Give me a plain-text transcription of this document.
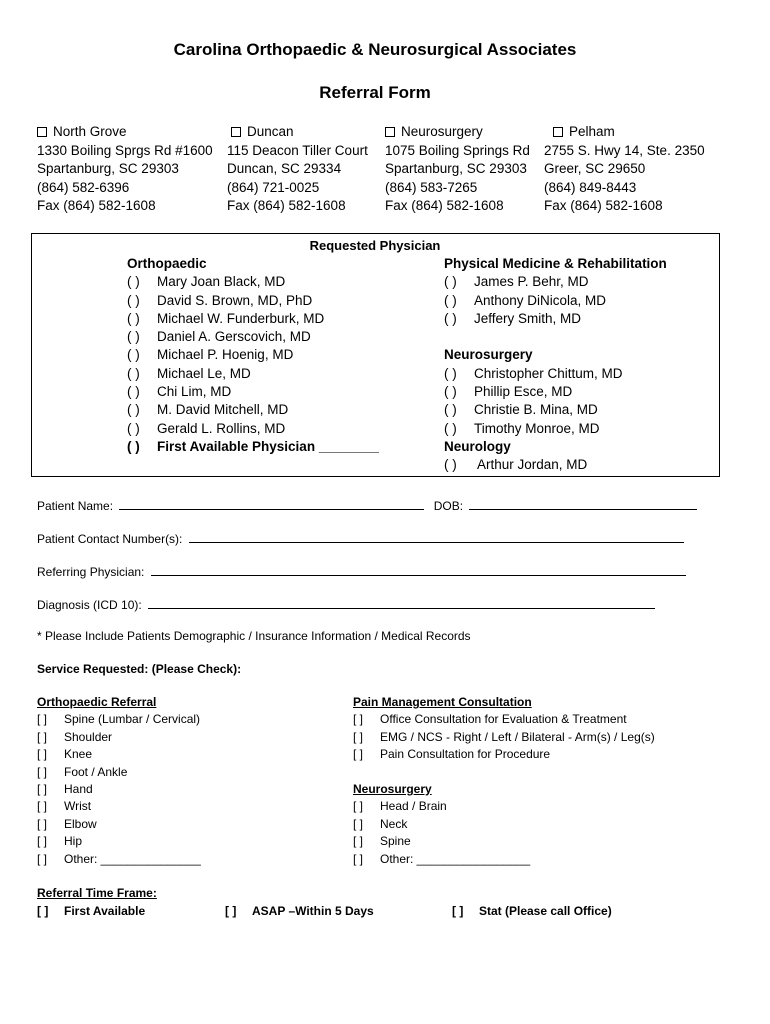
Carolina Orthopaedic & Neurosurgical Associates
Referral Form
North Grove
1330 Boiling Sprgs Rd #1600
Spartanburg, SC 29303
(864) 582-6396
Fax (864) 582-1608
Duncan
115 Deacon Tiller Court
Duncan, SC 29334
(864) 721-0025
Fax (864) 582-1608
Neurosurgery
1075 Boiling Springs Rd
Spartanburg, SC 29303
(864) 583-7265
Fax (864) 582-1608
Pelham
2755 S. Hwy 14, Ste. 2350
Greer, SC 29650
(864) 849-8443
Fax (864) 582-1608
Requested Physician
Orthopaedic
( ) Mary Joan Black, MD
( ) David S. Brown, MD, PhD
( ) Michael W. Funderburk, MD
( ) Daniel A. Gerscovich, MD
( ) Michael P. Hoenig, MD
( ) Michael Le, MD
( ) Chi Lim, MD
( ) M. David Mitchell, MD
( ) Gerald L. Rollins, MD
( ) First Available Physician ________
Physical Medicine & Rehabilitation
( ) James P. Behr, MD
( ) Anthony DiNicola, MD
( ) Jeffery Smith, MD

Neurosurgery
( ) Christopher Chittum, MD
( ) Phillip Esce, MD
( ) Christie B. Mina, MD
( ) Timothy Monroe, MD
Neurology
( ) Arthur Jordan, MD
Patient Name:	DOB:
Patient Contact Number(s):
Referring Physician:
Diagnosis (ICD 10):
* Please Include Patients Demographic / Insurance Information / Medical Records
Service Requested: (Please Check):
Orthopaedic Referral
[ ] Spine (Lumbar / Cervical)
[ ] Shoulder
[ ] Knee
[ ] Foot / Ankle
[ ] Hand
[ ] Wrist
[ ] Elbow
[ ] Hip
[ ] Other: _______________
Pain Management Consultation
[ ] Office Consultation for Evaluation & Treatment
[ ] EMG / NCS - Right / Left / Bilateral - Arm(s) / Leg(s)
[ ] Pain Consultation for Procedure

Neurosurgery
[ ] Head / Brain
[ ] Neck
[ ] Spine
[ ] Other: _________________
Referral Time Frame:
[ ] First Available	[ ] ASAP –Within 5 Days	[ ] Stat (Please call Office)
